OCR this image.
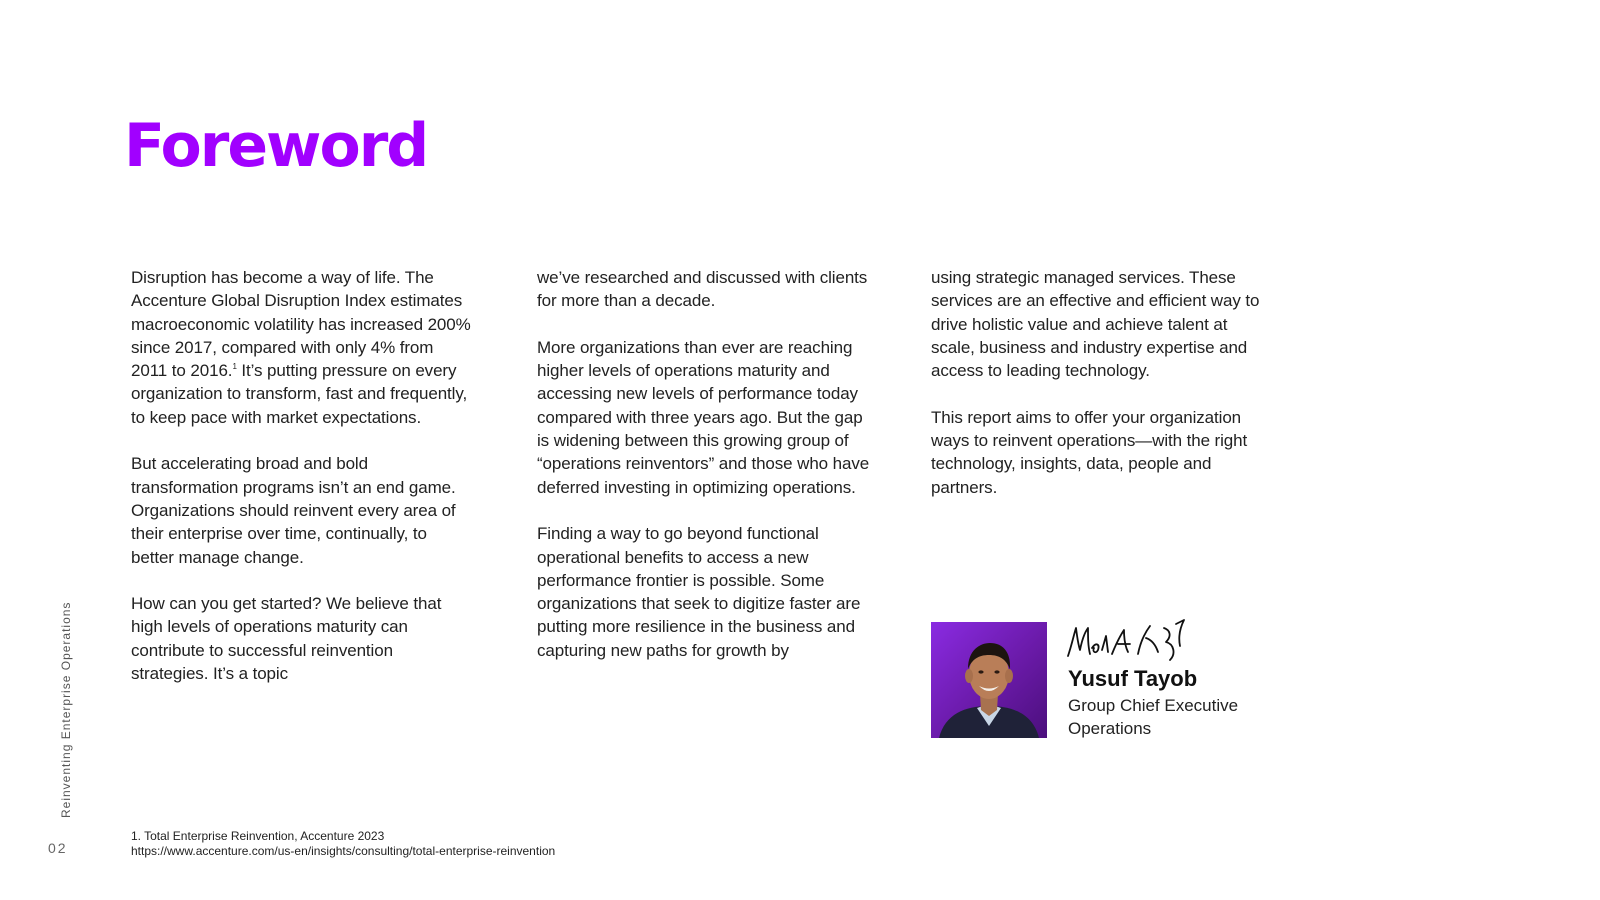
Foreword

Disruption has become a way of life. The Accenture Global Disruption Index estimates macroeconomic volatility has increased 200% since 2017, compared with only 4% from 2011 to 2016.$^1$ It’s putting pressure on every organization to transform, fast and frequently, to keep pace with market expectations.

But accelerating broad and bold transformation programs isn’t an end game. Organizations should reinvent every area of their enterprise over time, continually, to better manage change.

How can you get started? We believe that high levels of operations maturity can contribute to successful reinvention strategies. It’s a topic

we’ve researched and discussed with clients for more than a decade.

More organizations than ever are reaching higher levels of operations maturity and accessing new levels of performance today compared with three years ago. But the gap is widening between this growing group of “operations reinventors” and those who have deferred investing in optimizing operations.

Finding a way to go beyond functional operational benefits to access a new performance frontier is possible. Some organizations that seek to digitize faster are putting more resilience in the business and capturing new paths for growth by

using strategic managed services. These services are an effective and efficient way to drive holistic value and achieve talent at scale, business and industry expertise and access to leading technology.

This report aims to offer your organization ways to reinvent operations—with the right technology, insights, data, people and partners.

Yusuf Tayob
Group Chief Executive Operations
Reinventing Enterprise Operations
02
1. Total Enterprise Reinvention, Accenture 2023
https://www.accenture.com/us-en/insights/consulting/total-enterprise-reinvention
